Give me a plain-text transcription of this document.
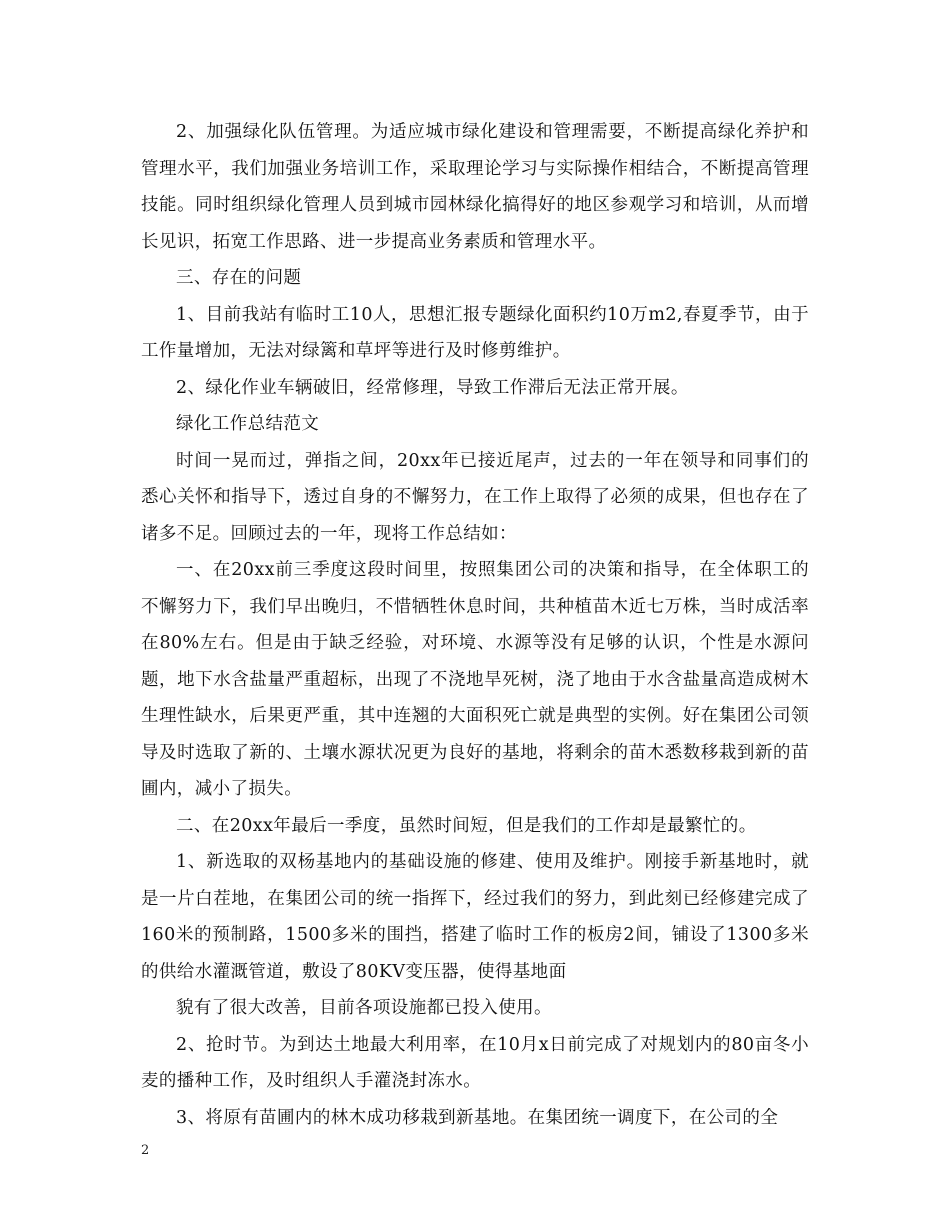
2、加强绿化队伍管理。为适应城市绿化建设和管理需要，不断提高绿化养护和管理水平，我们加强业务培训工作，采取理论学习与实际操作相结合，不断提高管理技能。同时组织绿化管理人员到城市园林绿化搞得好的地区参观学习和培训，从而增长见识，拓宽工作思路、进一步提高业务素质和管理水平。

三、存在的问题

1、目前我站有临时工10人，思想汇报专题绿化面积约10万m2,春夏季节，由于工作量增加，无法对绿篱和草坪等进行及时修剪维护。

2、绿化作业车辆破旧，经常修理，导致工作滞后无法正常开展。

绿化工作总结范文

时间一晃而过，弹指之间，20xx年已接近尾声，过去的一年在领导和同事们的悉心关怀和指导下，透过自身的不懈努力，在工作上取得了必须的成果，但也存在了诸多不足。回顾过去的一年，现将工作总结如：

一、在20xx前三季度这段时间里，按照集团公司的决策和指导，在全体职工的不懈努力下，我们早出晚归，不惜牺牲休息时间，共种植苗木近七万株，当时成活率在80%左右。但是由于缺乏经验，对环境、水源等没有足够的认识，个性是水源问题，地下水含盐量严重超标，出现了不浇地旱死树，浇了地由于水含盐量高造成树木生理性缺水，后果更严重，其中连翘的大面积死亡就是典型的实例。好在集团公司领导及时选取了新的、土壤水源状况更为良好的基地，将剩余的苗木悉数移栽到新的苗圃内，减小了损失。

二、在20xx年最后一季度，虽然时间短，但是我们的工作却是最繁忙的。

1、新选取的双杨基地内的基础设施的修建、使用及维护。刚接手新基地时，就是一片白茬地，在集团公司的统一指挥下，经过我们的努力，到此刻已经修建完成了160米的预制路，1500多米的围挡，搭建了临时工作的板房2间，铺设了1300多米的供给水灌溉管道，敷设了80KV变压器，使得基地面

貌有了很大改善，目前各项设施都已投入使用。

2、抢时节。为到达土地最大利用率，在10月x日前完成了对规划内的80亩冬小麦的播种工作，及时组织人手灌浇封冻水。

3、将原有苗圃内的林木成功移栽到新基地。在集团统一调度下，在公司的全

2
